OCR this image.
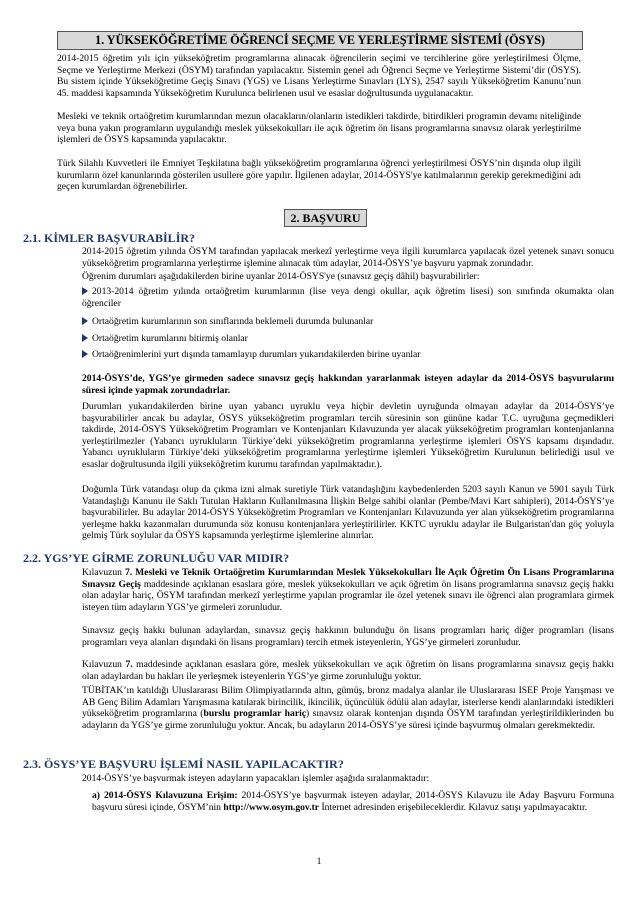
1. YÜKSEKÖĞRETİME ÖĞRENCİ SEÇME VE YERLEŞTİRME SİSTEMİ (ÖSYS)

2014-2015 öğretim yılı için yükseköğretim programlarına alınacak öğrencilerin seçimi ve tercihlerine göre yerleştirilmesi Ölçme, Seçme ve Yerleştirme Merkezi (ÖSYM) tarafından yapılacaktır. Sistemin genel adı Öğrenci Seçme ve Yerleştirme Sistemi’dir (ÖSYS). Bu sistem içinde Yükseköğretime Geçiş Sınavı (YGS) ve Lisans Yerleştirme Sınavları (LYS), 2547 sayılı Yükseköğretim Kanunu’nun 45. maddesi kapsamında Yükseköğretim Kurulunca belirlenen usul ve esaslar doğrultusunda uygulanacaktır.

Mesleki ve teknik ortaöğretim kurumlarından mezun olacakların/olanların istedikleri takdirde, bitirdikleri programın devamı niteliğinde veya buna yakın programların uygulandığı meslek yüksekokulları ile açık öğretim ön lisans programlarına sınavsız olarak yerleştirilme işlemleri de ÖSYS kapsamında yapılacaktır.

Türk Silahlı Kuvvetleri ile Emniyet Teşkilatına bağlı yükseköğretim programlarına öğrenci yerleştirilmesi ÖSYS’nin dışında olup ilgili kurumların özel kanunlarında gösterilen usullere göre yapılır. İlgilenen adaylar, 2014-ÖSYS'ye katılmalarının gerekip gerekmediğini adı geçen kurumlardan öğrenebilirler.

2. BAŞVURU

2.1. KİMLER BAŞVURABİLİR?

2014-2015 öğretim yılında ÖSYM tarafından yapılacak merkezî yerleştirme veya ilgili kurumlarca yapılacak özel yetenek sınavı sonucu yükseköğretim programlarına yerleştirme işlemine alınacak tüm adaylar, 2014-ÖSYS’ye başvuru yapmak zorundadır.

Öğrenim durumları aşağıdakilerden birine uyanlar 2014-ÖSYS'ye (sınavsız geçiş dâhil) başvurabilirler:

2013-2014 öğretim yılında ortaöğretim kurumlarının (lise veya dengi okullar, açık öğretim lisesi) son sınıfında okumakta olan öğrenciler
Ortaöğretim kurumlarının son sınıflarında beklemeli durumda bulunanlar
Ortaöğretim kurumlarını bitirmiş olanlar
Ortaöğrenimlerini yurt dışında tamamlayıp durumları yukarıdakilerden birine uyanlar

2014-ÖSYS’de, YGS’ye girmeden sadece sınavsız geçiş hakkından yararlanmak isteyen adaylar da 2014-ÖSYS başvurularını süresi içinde yapmak zorundadırlar.

Durumları yukarıdakilerden birine uyan yabancı uyruklu veya hiçbir devletin uyruğunda olmayan adaylar da 2014-ÖSYS’ye başvurabilirler ancak bu adaylar, ÖSYS yükseköğretim programları tercih süresinin son gününe kadar T.C. uyruğuna geçmedikleri takdirde, 2014-ÖSYS Yükseköğretim Programları ve Kontenjanları Kılavuzunda yer alacak yükseköğretim programları kontenjanlarına yerleştirilmezler (Yabancı uyrukluların Türkiye’deki yükseköğretim programlarına yerleştirme işlemleri ÖSYS kapsamı dışındadır. Yabancı uyrukluların Türkiye’deki yükseköğretim programlarına yerleştirme işlemleri Yükseköğretim Kurulunun belirlediği usul ve esaslar doğrultusunda ilgili yükseköğretim kurumu tarafından yapılmaktadır.).

Doğumla Türk vatandaşı olup da çıkma izni almak suretiyle Türk vatandaşlığını kaybedenlerden 5203 sayılı Kanun ve 5901 sayılı Türk Vatandaşlığı Kanunu ile Saklı Tutulan Hakların Kullanılmasına İlişkin Belge sahibi olanlar (Pembe/Mavi Kart sahipleri), 2014-ÖSYS’ye başvurabilirler. Bu adaylar 2014-ÖSYS Yükseköğretim Programları ve Kontenjanları Kılavuzunda yer alan yükseköğretim programlarına yerleşme hakkı kazanmaları durumunda söz konusu kontenjanlara yerleştirilirler. KKTC uyruklu adaylar ile Bulgaristan'dan göç yoluyla gelmiş Türk soylular da ÖSYS kapsamında yerleştirme işlemlerine alınırlar.

2.2. YGS’YE GİRME ZORUNLUĞU VAR MIDIR?

Kılavuzun 7. Mesleki ve Teknik Ortaöğretim Kurumlarından Meslek Yüksekokulları İle Açık Öğretim Ön Lisans Programlarına Sınavsız Geçiş maddesinde açıklanan esaslara göre, meslek yüksekokulları ve açık öğretim ön lisans programlarına sınavsız geçiş hakkı olan adaylar hariç, ÖSYM tarafından merkezî yerleştirme yapılan programlar ile özel yetenek sınavı ile öğrenci alan programlara girmek isteyen tüm adayların YGS’ye girmeleri zorunludur.

Sınavsız geçiş hakkı bulunan adaylardan, sınavsız geçiş hakkının bulunduğu ön lisans programları hariç diğer programları (lisans programları veya alanları dışındaki ön lisans programları) tercih etmek isteyenlerin, YGS’ye girmeleri zorunludur.

Kılavuzun 7. maddesinde açıklanan esaslara göre, meslek yüksekokulları ve açık öğretim ön lisans programlarına sınavsız geçiş hakkı olan adaylardan bu hakları ile yerleşmek isteyenlerin YGS’ye girme zorunluluğu yoktur.

TÜBİTAK’ın katıldığı Uluslararası Bilim Olimpiyatlarında altın, gümüş, bronz madalya alanlar ile Uluslararası ISEF Proje Yarışması ve AB Genç Bilim Adamları Yarışmasına katılarak birincilik, ikincilik, üçüncülük ödülü alan adaylar, isterlerse kendi alanlarındaki istedikleri yükseköğretim programlarına (burslu programlar hariç) sınavsız olarak kontenjan dışında ÖSYM tarafından yerleştirildiklerinden bu adayların da YGS’ye girme zorunluluğu yoktur. Ancak, bu adayların 2014-ÖSYS’ye süresi içinde başvurmuş olmaları gerekmektedir.

2.3. ÖSYS’YE BAŞVURU İŞLEMİ NASIL YAPILACAKTIR?

2014-ÖSYS’ye başvurmak isteyen adayların yapacakları işlemler aşağıda sıralanmaktadır:

a) 2014-ÖSYS Kılavuzuna Erişim: 2014-ÖSYS’ye başvurmak isteyen adaylar, 2014-ÖSYS Kılavuzu ile Aday Başvuru Formuna başvuru süresi içinde, ÖSYM’nin http://www.osym.gov.tr İnternet adresinden erişebileceklerdir. Kılavuz satışı yapılmayacaktır.
1
